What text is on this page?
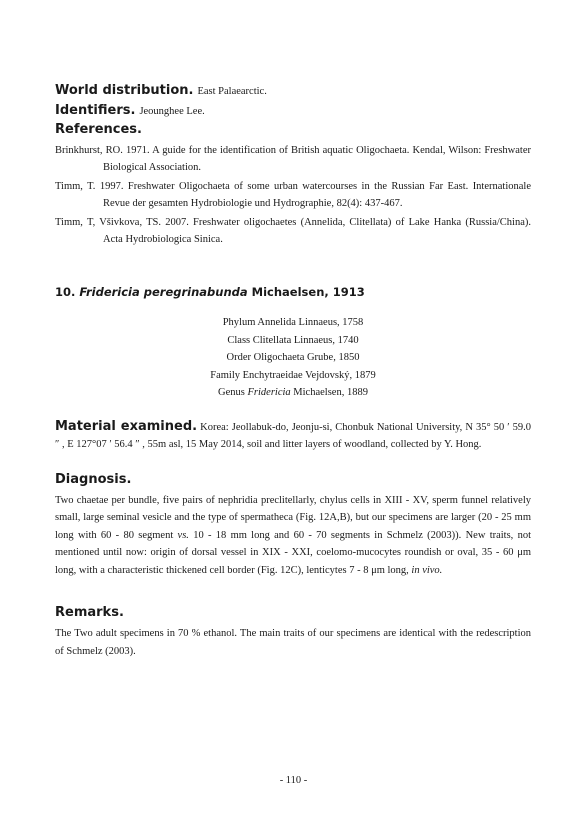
World distribution. East Palaearctic.
Identifiers. Jeounghee Lee.
References.

Brinkhurst, RO. 1971. A guide for the identification of British aquatic Oligochaeta. Kendal, Wilson: Freshwater Biological Association.

Timm, T. 1997. Freshwater Oligochaeta of some urban watercourses in the Russian Far East. Internationale Revue der gesamten Hydrobiologie und Hydrographie, 82(4): 437-467.

Timm, T, Všivkova, TS. 2007. Freshwater oligochaetes (Annelida, Clitellata) of Lake Hanka (Russia/China). Acta Hydrobiologica Sinica.

10. Fridericia peregrinabunda Michaelsen, 1913
Phylum Annelida Linnaeus, 1758
Class Clitellata Linnaeus, 1740
Order Oligochaeta Grube, 1850
Family Enchytraeidae Vejdovský, 1879
Genus Fridericia Michaelsen, 1889

Material examined. Korea: Jeollabuk-do, Jeonju-si, Chonbuk National University, N 35° 50 ′ 59.0 ″ , E 127°07 ′ 56.4 ″ , 55m asl, 15 May 2014, soil and litter layers of woodland, collected by Y. Hong.

Diagnosis.

Two chaetae per bundle, five pairs of nephridia preclitellarly, chylus cells in XIII - XV, sperm funnel relatively small, large seminal vesicle and the type of spermatheca (Fig. 12A,B), but our specimens are larger (20 - 25 mm long with 60 - 80 segment vs. 10 - 18 mm long and 60 - 70 segments in Schmelz (2003)). New traits, not mentioned until now: origin of dorsal vessel in XIX - XXI, coelomo-mucocytes roundish or oval, 35 - 60 μm long, with a characteristic thickened cell border (Fig. 12C), lenticytes 7 - 8 μm long, in vivo.

Remarks.

The Two adult specimens in 70 % ethanol. The main traits of our specimens are identical with the redescription of Schmelz (2003).

- 110 -
